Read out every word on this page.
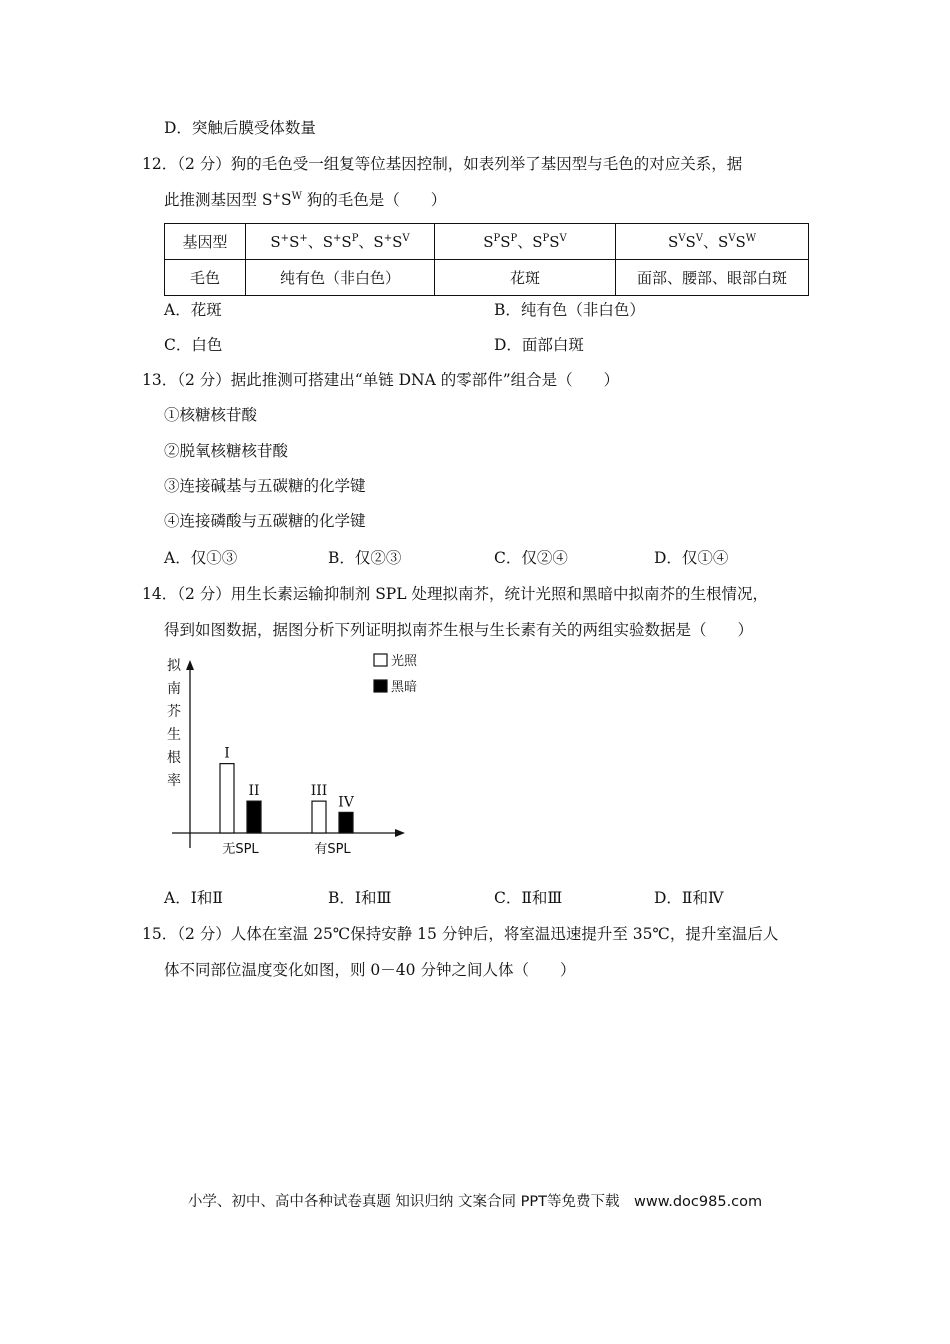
D．突触后膜受体数量
12．（2 分）狗的毛色受一组复等位基因控制，如表列举了基因型与毛色的对应关系，据
此推测基因型 $S^+S^W$ 狗的毛色是（　　）
基因型	S+S+、$S^+S^P$、$S^+S^V$	$S^PS^P$、$S^PS^V$	$S^VS^V$、$S^VS^W$
毛色	纯有色（非白色）	花斑	面部、腰部、眼部白斑
A．花斑	B．纯有色（非白色）
C．白色	D．面部白斑
13．（2 分）据此推测可搭建出“单链 DNA 的零部件”组合是（　　）
①核糖核苷酸
②脱氧核糖核苷酸
③连接碱基与五碳糖的化学键
④连接磷酸与五碳糖的化学键
A．仅①③	B．仅②③	C．仅②④	D．仅①④
14．（2 分）用生长素运输抑制剂 SPL 处理拟南芥，统计光照和黑暗中拟南芥的生根情况，
得到如图数据，据图分析下列证明拟南芥生根与生长素有关的两组实验数据是（　　）
拟
南
芥
生
根
率
I
II
无SPL
III
IV
有SPL
光照
黑暗
A．Ⅰ和Ⅱ	B．Ⅰ和Ⅲ	C．Ⅱ和Ⅲ	D．Ⅱ和Ⅳ
15．（2 分）人体在室温 25℃保持安静 15 分钟后，将室温迅速提升至 35℃，提升室温后人
体不同部位温度变化如图，则 0－40 分钟之间人体（　　）
小学、初中、高中各种试卷真题 知识归纳 文案合同 PPT等免费下载　www.doc985.com
